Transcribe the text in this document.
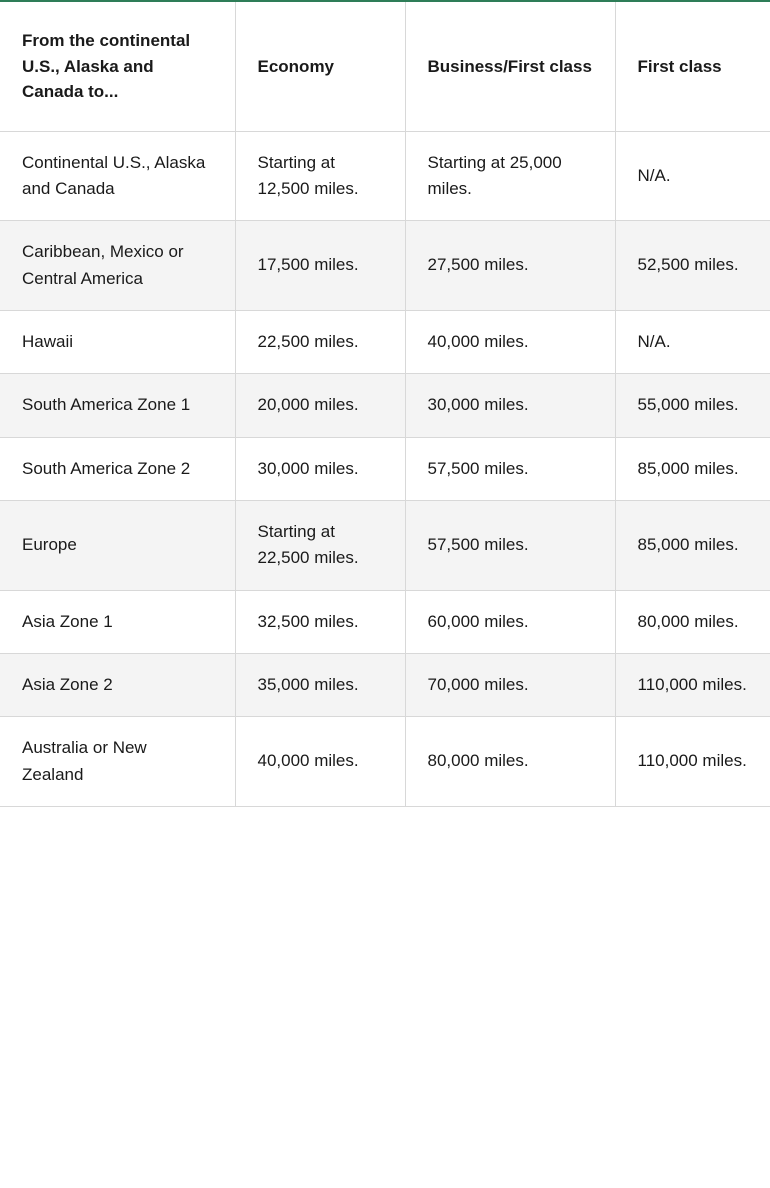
From the continental U.S., Alaska and Canada to...	Economy	Business/First class	First class
Continental U.S., Alaska and Canada	Starting at 12,500 miles.	Starting at 25,000 miles.	N/A.
Caribbean, Mexico or Central America	17,500 miles.	27,500 miles.	52,500 miles.
Hawaii	22,500 miles.	40,000 miles.	N/A.
South America Zone 1	20,000 miles.	30,000 miles.	55,000 miles.
South America Zone 2	30,000 miles.	57,500 miles.	85,000 miles.
Europe	Starting at 22,500 miles.	57,500 miles.	85,000 miles.
Asia Zone 1	32,500 miles.	60,000 miles.	80,000 miles.
Asia Zone 2	35,000 miles.	70,000 miles.	110,000 miles.
Australia or New Zealand	40,000 miles.	80,000 miles.	110,000 miles.
